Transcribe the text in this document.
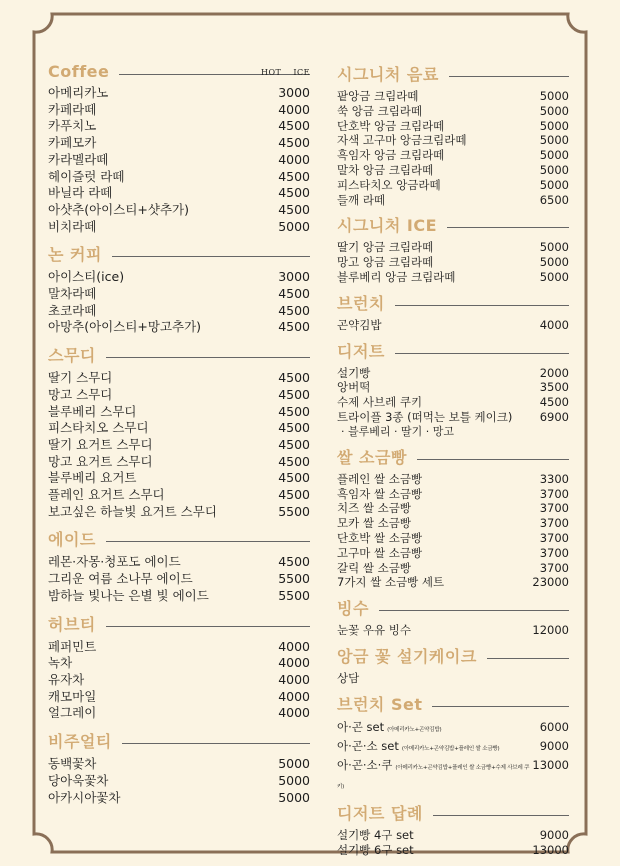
Coffee	HOT ICE
아메리카노	3000
카페라떼	4000
카푸치노	4500
카페모카	4500
카라멜라떼	4000
헤이즐럿 라떼	4500
바닐라 라떼	4500
아샷추(아이스티+샷추가)	4500
비치라떼	5000
논 커피
아이스티(ice)	3000
말차라떼	4500
초코라떼	4500
아망추(아이스티+망고추가)	4500
스무디
딸기 스무디	4500
망고 스무디	4500
블루베리 스무디	4500
피스타치오 스무디	4500
딸기 요거트 스무디	4500
망고 요거트 스무디	4500
블루베리 요거트	4500
플레인 요거트 스무디	4500
보고싶은 하늘빛 요거트 스무디	5500
에이드
레몬·자몽·청포도 에이드	4500
그리운 여름 소나무 에이드	5500
밤하늘 빛나는 은별 빛 에이드	5500
허브티
페퍼민트	4000
녹차	4000
유자차	4000
캐모마일	4000
얼그레이	4000
비주얼티
동백꽃차	5000
당아욱꽃차	5000
아카시아꽃차	5000
시그니처 음료
팥앙금 크림라떼	5000
쑥 앙금 크림라떼	5000
단호박 앙금 크림라떼	5000
자색 고구마 앙금크림라떼	5000
흑임자 앙금 크림라떼	5000
말차 앙금 크림라떼	5000
피스타치오 앙금라떼	5000
들깨 라떼	6500
시그니처 ICE
딸기 앙금 크림라떼	5000
망고 앙금 크림라떼	5000
블루베리 앙금 크림라떼	5000
브런치
곤약김밥	4000
디저트
설기빵	2000
앙버떡	3500
수제 사브레 쿠키	4500
트라이플 3종 (떠먹는 보틀 케이크) 6900
· 블루베리 · 딸기 · 망고
쌀 소금빵
플레인 쌀 소금빵	3300
흑임자 쌀 소금빵	3700
치즈 쌀 소금빵	3700
모카 쌀 소금빵	3700
단호박 쌀 소금빵	3700
고구마 쌀 소금빵	3700
갈릭 쌀 소금빵	3700
7가지 쌀 소금빵 세트	23000
빙수
눈꽃 우유 빙수	12000
앙금 꽃 설기케이크
상담
브런치 Set
아·곤 set (아메리카노+곤약김밥)	6000
아·곤·소 set (아메리카노+곤약김밥+플레인 쌀 소금빵)	9000
아·곤·소·쿠 (아메리카노+곤약김밥+플레인 쌀 소금빵+수제 사브레 쿠키)
13000
디저트 답례
설기빵 4구 set	9000
설기빵 6구 set	13000
